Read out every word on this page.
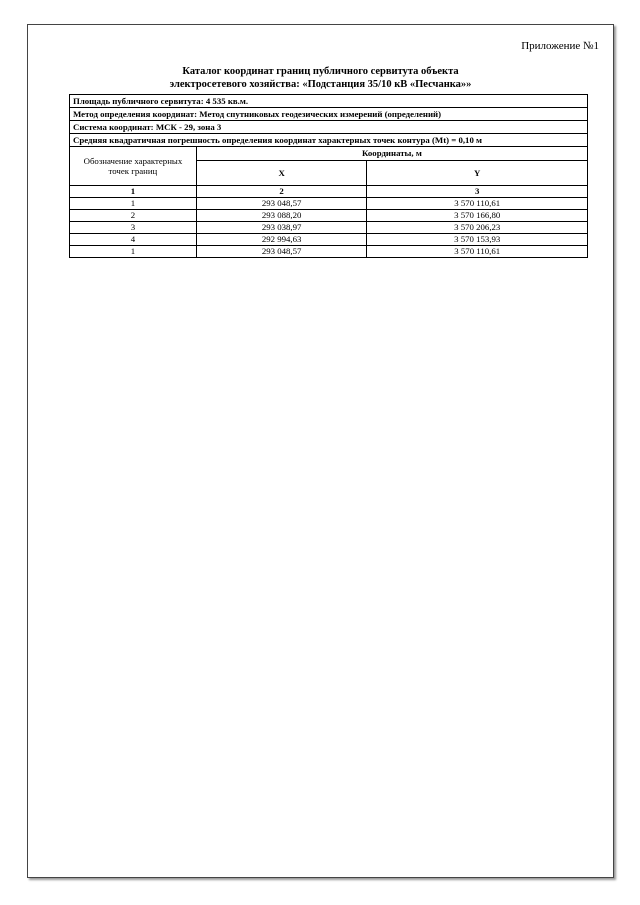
Приложение №1
Каталог координат границ публичного сервитута объекта
электросетевого хозяйства: «Подстанция 35/10 кВ «Песчанка»»
Площадь публичного сервитута: 4 535 кв.м.		
Метод определения координат: Метод спутниковых геодезических измерений (определений)		
Система координат: МСК - 29, зона 3		
Средняя квадратичная погрешность определения координат характерных точек контура (Mt) = 0,10 м		
Обозначение характерных точек границ	Координаты, м	
	X	Y
1	2	3
1	293 048,57	3 570 110,61
2	293 088,20	3 570 166,80
3	293 038,97	3 570 206,23
4	292 994,63	3 570 153,93
1	293 048,57	3 570 110,61
